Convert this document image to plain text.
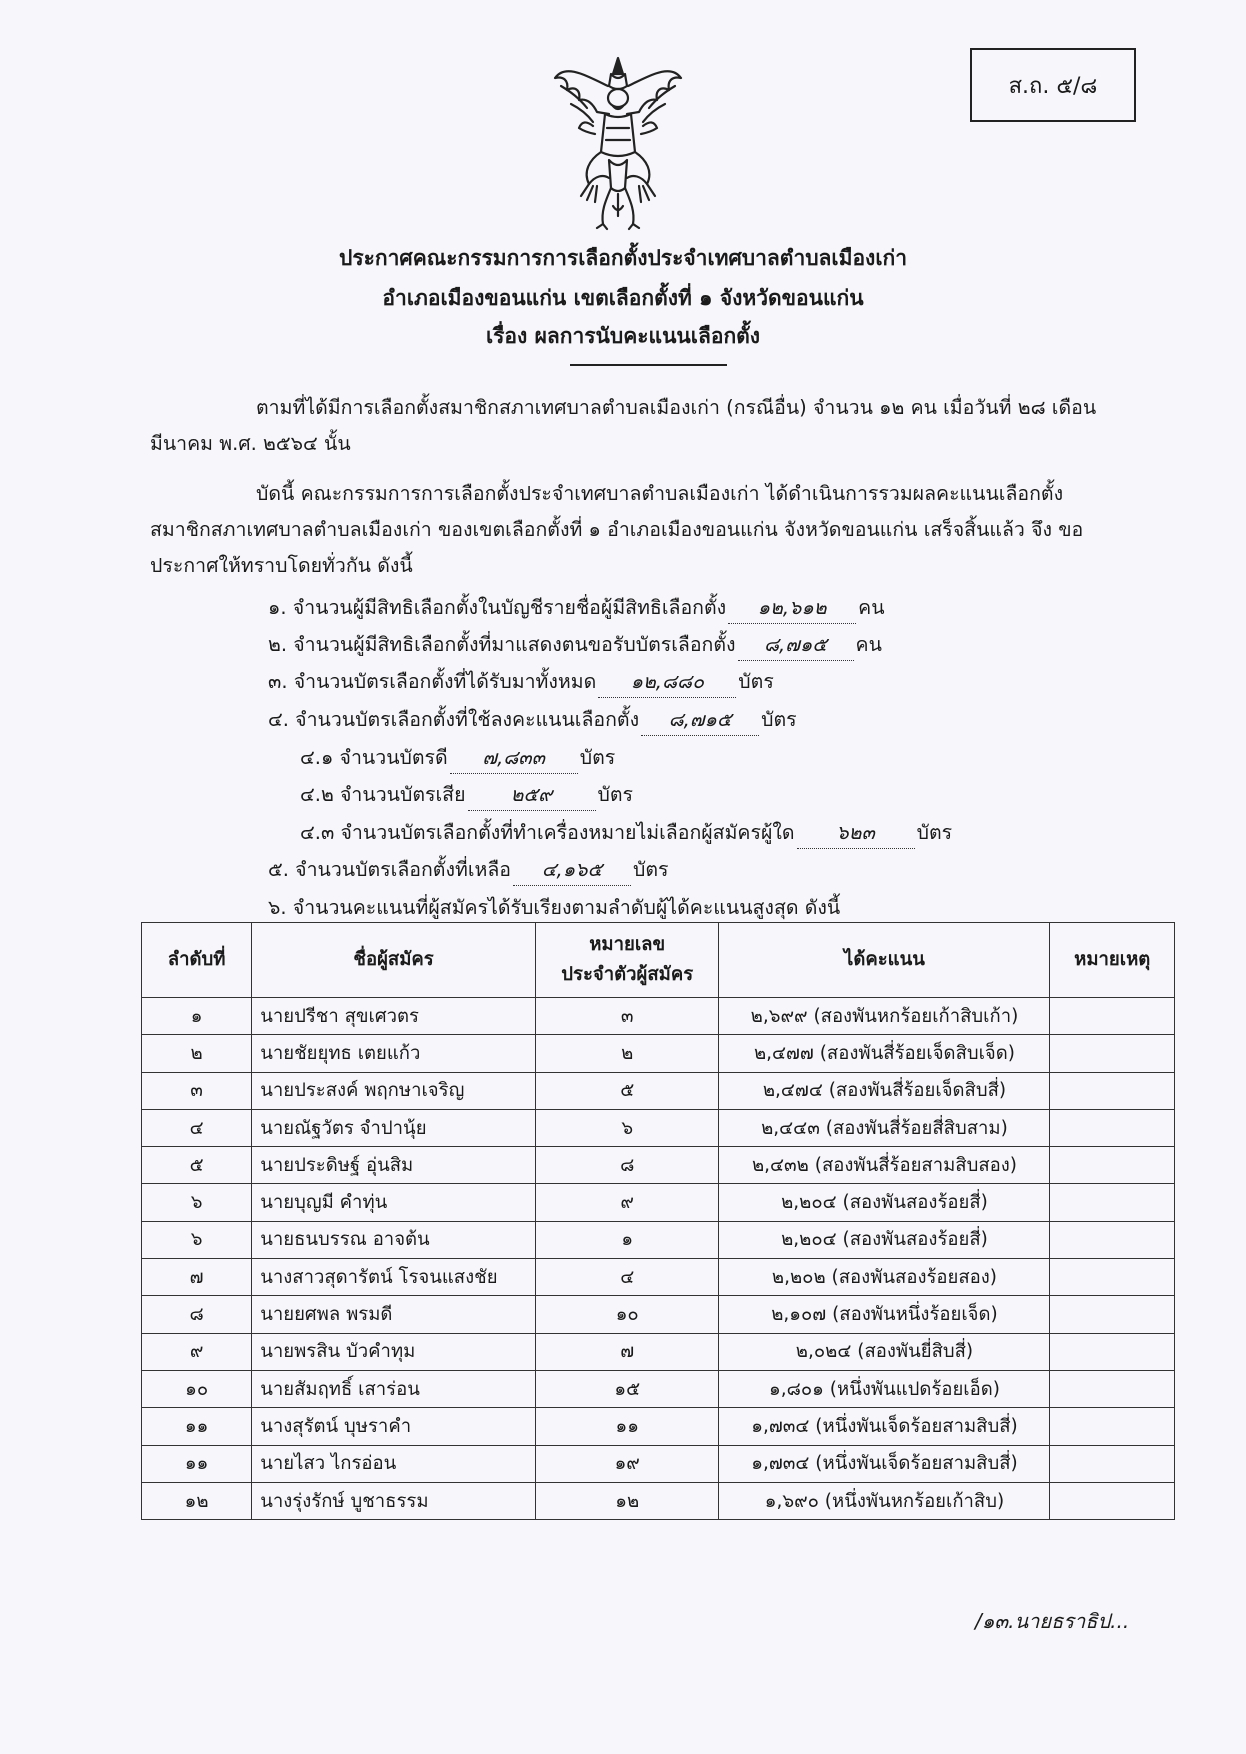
ส.ถ. ๕/๘
ประกาศคณะกรรมการการเลือกตั้งประจำเทศบาลตำบลเมืองเก่า
อำเภอเมืองขอนแก่น เขตเลือกตั้งที่ ๑ จังหวัดขอนแก่น
เรื่อง ผลการนับคะแนนเลือกตั้ง
ตามที่ได้มีการเลือกตั้งสมาชิกสภาเทศบาลตำบลเมืองเก่า (กรณีอื่น) จำนวน ๑๒ คน เมื่อวันที่ ๒๘ เดือน มีนาคม พ.ศ. ๒๕๖๔ นั้น
บัดนี้ คณะกรรมการการเลือกตั้งประจำเทศบาลตำบลเมืองเก่า ได้ดำเนินการรวมผลคะแนนเลือกตั้ง สมาชิกสภาเทศบาลตำบลเมืองเก่า ของเขตเลือกตั้งที่ ๑ อำเภอเมืองขอนแก่น จังหวัดขอนแก่น เสร็จสิ้นแล้ว จึง ขอประกาศให้ทราบโดยทั่วกัน ดังนี้
๑. จำนวนผู้มีสิทธิเลือกตั้งในบัญชีรายชื่อผู้มีสิทธิเลือกตั้ง ๑๒,๖๑๒ คน
๒. จำนวนผู้มีสิทธิเลือกตั้งที่มาแสดงตนขอรับบัตรเลือกตั้ง ๘,๗๑๕ คน
๓. จำนวนบัตรเลือกตั้งที่ได้รับมาทั้งหมด ๑๒,๘๘๐ บัตร
๔. จำนวนบัตรเลือกตั้งที่ใช้ลงคะแนนเลือกตั้ง ๘,๗๑๕ บัตร
๔.๑ จำนวนบัตรดี ๗,๘๓๓ บัตร
๔.๒ จำนวนบัตรเสีย ๒๕๙ บัตร
๔.๓ จำนวนบัตรเลือกตั้งที่ทำเครื่องหมายไม่เลือกผู้สมัครผู้ใด ๖๒๓ บัตร
๕. จำนวนบัตรเลือกตั้งที่เหลือ ๔,๑๖๕ บัตร
๖. จำนวนคะแนนที่ผู้สมัครได้รับเรียงตามลำดับผู้ได้คะแนนสูงสุด ดังนี้
ลำดับที่	ชื่อผู้สมัคร	หมายเลข
ประจำตัวผู้สมัคร	ได้คะแนน	หมายเหตุ
๑	นายปรีชา สุขเศวตร	๓	๒,๖๙๙ (สองพันหกร้อยเก้าสิบเก้า)	
๒	นายชัยยุทธ เตยแก้ว	๒	๒,๔๗๗ (สองพันสี่ร้อยเจ็ดสิบเจ็ด)	
๓	นายประสงค์ พฤกษาเจริญ	๕	๒,๔๗๔ (สองพันสี่ร้อยเจ็ดสิบสี่)	
๔	นายณัฐวัตร จำปานุ้ย	๖	๒,๔๔๓ (สองพันสี่ร้อยสี่สิบสาม)	
๕	นายประดิษฐ์ อุ่นสิม	๘	๒,๔๓๒ (สองพันสี่ร้อยสามสิบสอง)	
๖	นายบุญมี คำทุ่น	๙	๒,๒๐๔ (สองพันสองร้อยสี่)	
๖	นายธนบรรณ อาจต้น	๑	๒,๒๐๔ (สองพันสองร้อยสี่)	
๗	นางสาวสุดารัตน์ โรจนแสงชัย	๔	๒,๒๐๒ (สองพันสองร้อยสอง)	
๘	นายยศพล พรมดี	๑๐	๒,๑๐๗ (สองพันหนึ่งร้อยเจ็ด)	
๙	นายพรสิน บัวคำทุม	๗	๒,๐๒๔ (สองพันยี่สิบสี่)	
๑๐	นายสัมฤทธิ์ เสาร่อน	๑๕	๑,๘๐๑ (หนึ่งพันแปดร้อยเอ็ด)	
๑๑	นางสุรัตน์ บุษราคำ	๑๑	๑,๗๓๔ (หนึ่งพันเจ็ดร้อยสามสิบสี่)	
๑๑	นายไสว ไกรอ่อน	๑๙	๑,๗๓๔ (หนึ่งพันเจ็ดร้อยสามสิบสี่)	
๑๒	นางรุ่งรักษ์ บูชาธรรม	๑๒	๑,๖๙๐ (หนึ่งพันหกร้อยเก้าสิบ)	
/๑๓.นายธราธิป...
